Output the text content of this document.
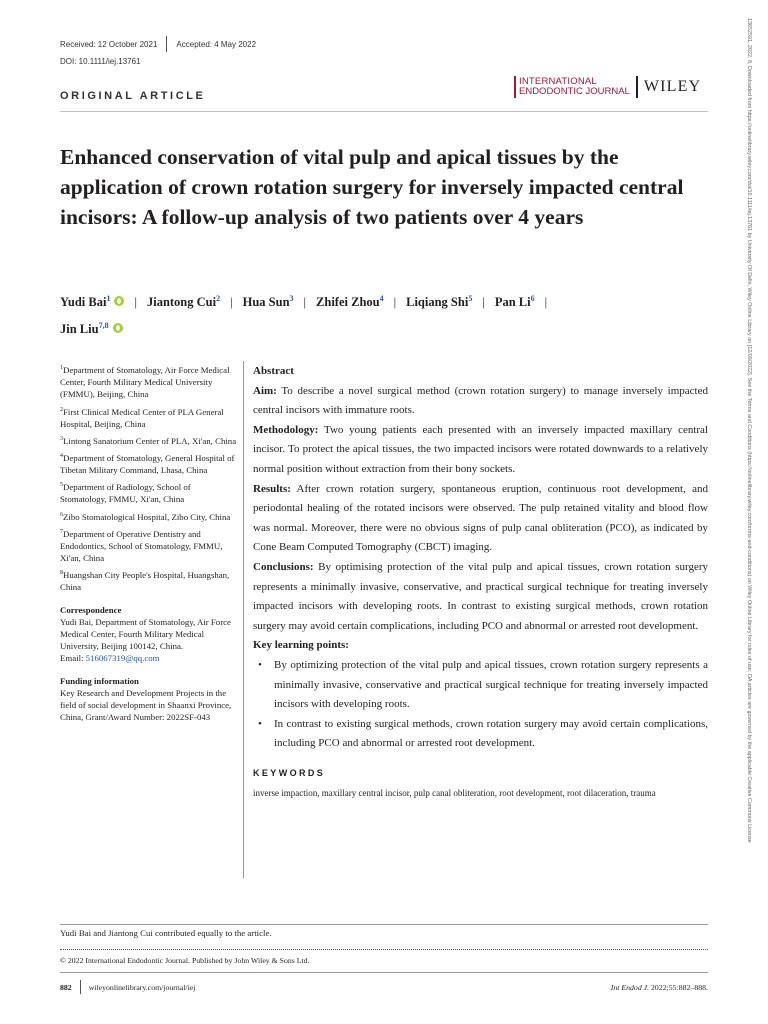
Received: 12 October 2021 Accepted: 4 May 2022
DOI: 10.1111/iej.13761
ORIGINAL ARTICLE
INTERNATIONAL
ENDODONTIC JOURNAL WILEY	13652591, 2022, 8, Downloaded from https://onlinelibrary.wiley.com/doi/10.1111/iej.13761 by University Of Delhi, Wiley Online Library on [12/09/2022]. See the Terms and Conditions (https://onlinelibrary.wiley.com/terms-and-conditions) on Wiley Online Library for rules of use; OA articles are governed by the applicable Creative Commons License
Enhanced conservation of vital pulp and apical tissues by the application of crown rotation surgery for inversely impacted central incisors: A follow-up analysis of two patients over 4 years
Yudi Bai$^1$ | Jiantong Cui$^2$ | Hua Sun$^3$ | Zhifei Zhou$^4$ | Liqiang Shi$^5$ | Pan Li$^6$ |
Jin Liu$^{7,8}$
$^1$Department of Stomatology, Air Force Medical Center, Fourth Military Medical University (FMMU), Beijing, China
$^2$First Clinical Medical Center of PLA General Hospital, Beijing, China
$^3$Lintong Sanatorium Center of PLA, Xi'an, China
$^4$Department of Stomatology, General Hospital of Tibetan Military Command, Lhasa, China
$^5$Department of Radiology, School of Stomatology, FMMU, Xi'an, China
$^6$Zibo Stomatological Hospital, Zibo City, China
$^7$Department of Operative Dentistry and Endodontics, School of Stomatology, FMMU, Xi'an, China
$^8$Huangshan City People's Hospital, Huangshan, China
Correspondence
Yudi Bai, Department of Stomatology, Air Force Medical Center, Fourth Military Medical University, Beijing 100142, China.
Email: 516067319@qq.com
Funding information
Key Research and Development Projects in the field of social development in Shaanxi Province, China, Grant/Award Number: 2022SF-043
Abstract

Aim: To describe a novel surgical method (crown rotation surgery) to manage inversely impacted central incisors with immature roots.

Methodology: Two young patients each presented with an inversely impacted maxillary central incisor. To protect the apical tissues, the two impacted incisors were rotated downwards to a relatively normal position without extraction from their bony sockets.

Results: After crown rotation surgery, spontaneous eruption, continuous root development, and periodontal healing of the rotated incisors were observed. The pulp retained vitality and blood flow was normal. Moreover, there were no obvious signs of pulp canal obliteration (PCO), as indicated by Cone Beam Computed Tomography (CBCT) imaging.

Conclusions: By optimising protection of the vital pulp and apical tissues, crown rotation surgery represents a minimally invasive, conservative, and practical surgical technique for treating inversely impacted incisors with developing roots. In contrast to existing surgical methods, crown rotation surgery may avoid certain complications, including PCO and abnormal or arrested root development.

Key learning points:
• By optimizing protection of the vital pulp and apical tissues, crown rotation surgery represents a minimally invasive, conservative and practical surgical technique for treating inversely impacted incisors with developing roots.
• In contrast to existing surgical methods, crown rotation surgery may avoid certain complications, including PCO and abnormal or arrested root development.
KEYWORDS
inverse impaction, maxillary central incisor, pulp canal obliteration, root development, root dilaceration, trauma
Yudi Bai and Jiantong Cui contributed equally to the article.
© 2022 International Endodontic Journal. Published by John Wiley & Sons Ltd.
882 wileyonlinelibrary.com/journal/iej	Int Endod J. 2022;55:882–888.
